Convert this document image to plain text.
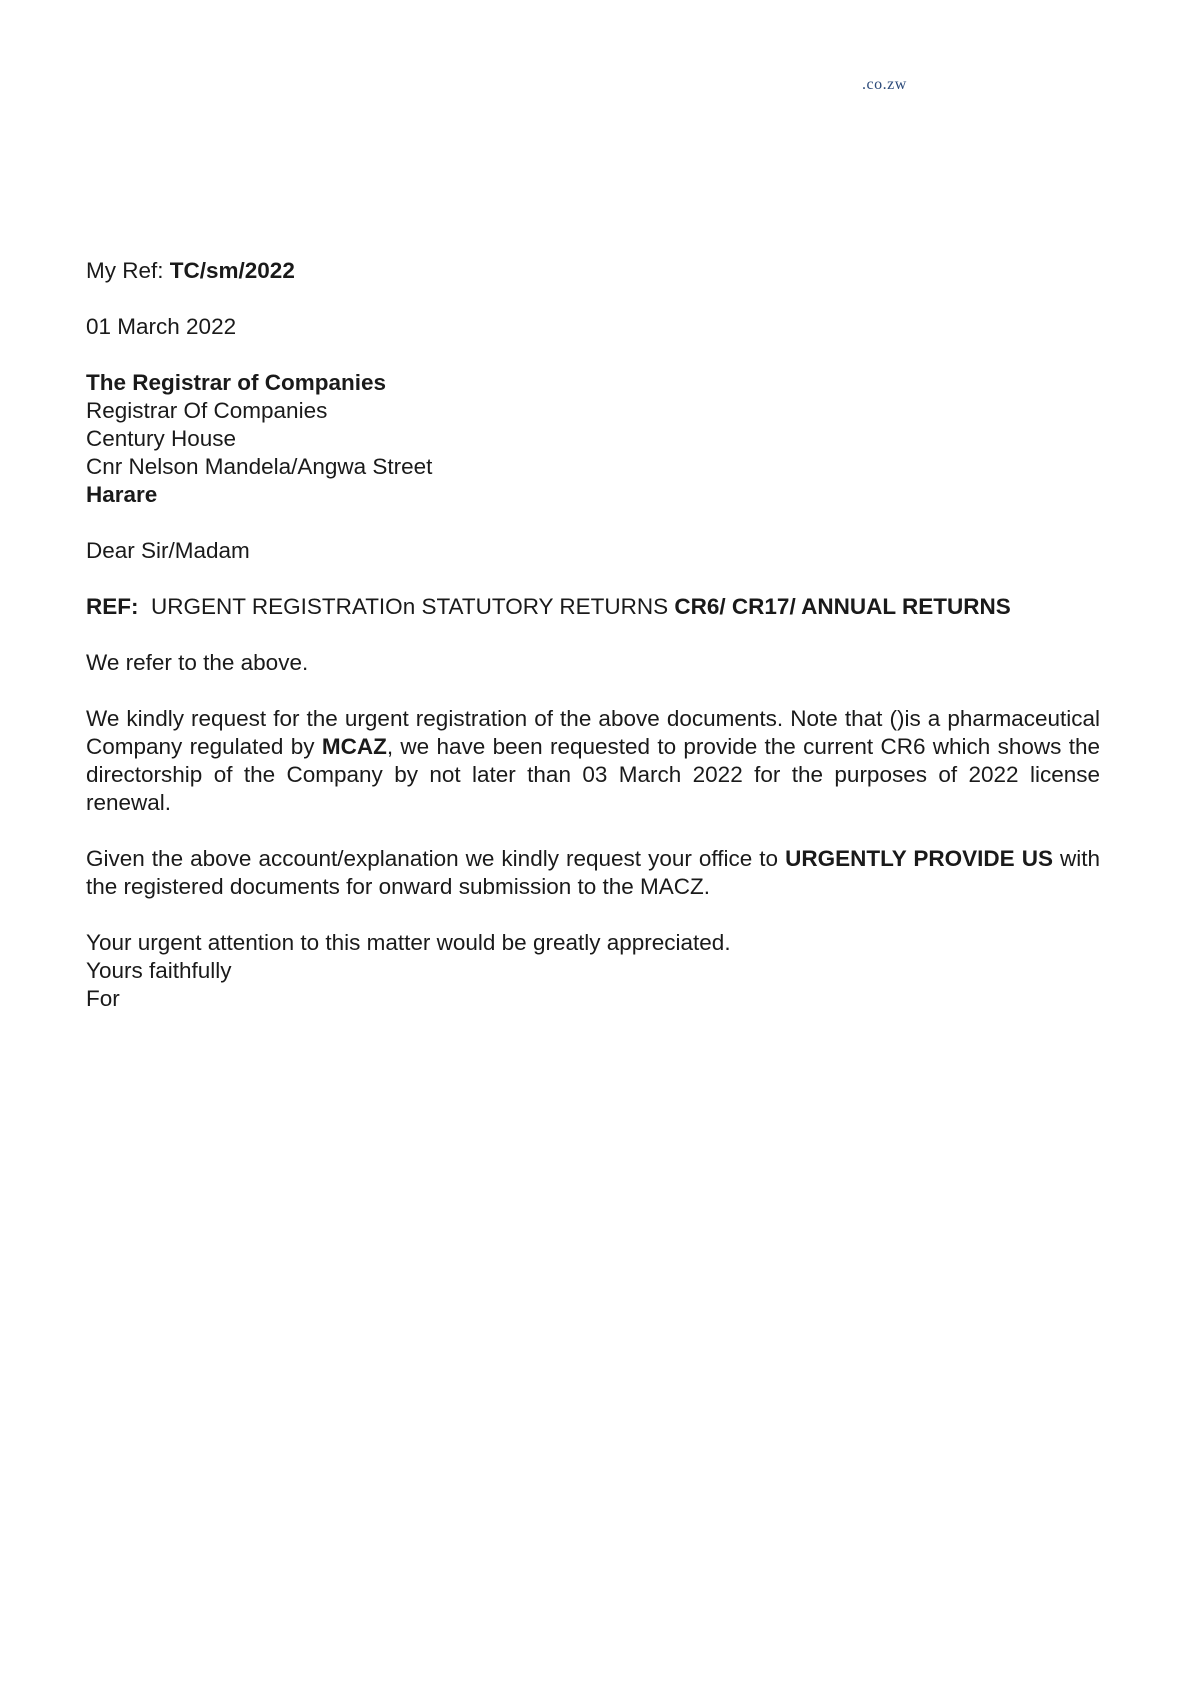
.co.zw

My Ref: TC/sm/2022

01 March 2022

The Registrar of Companies
Registrar Of Companies
Century House
Cnr Nelson Mandela/Angwa Street
Harare

Dear Sir/Madam

REF:  URGENT REGISTRATIOn STATUTORY RETURNS CR6/ CR17/ ANNUAL RETURNS

We refer to the above.

We kindly request for the urgent registration of the above documents. Note that ()is a pharmaceutical Company regulated by MCAZ, we have been requested to provide the current CR6 which shows the directorship of the Company by not later than 03 March 2022 for the purposes of 2022 license renewal.

Given the above account/explanation we kindly request your office to URGENTLY PROVIDE US with the registered documents for onward submission to the MACZ.

Your urgent attention to this matter would be greatly appreciated.
Yours faithfully
For
